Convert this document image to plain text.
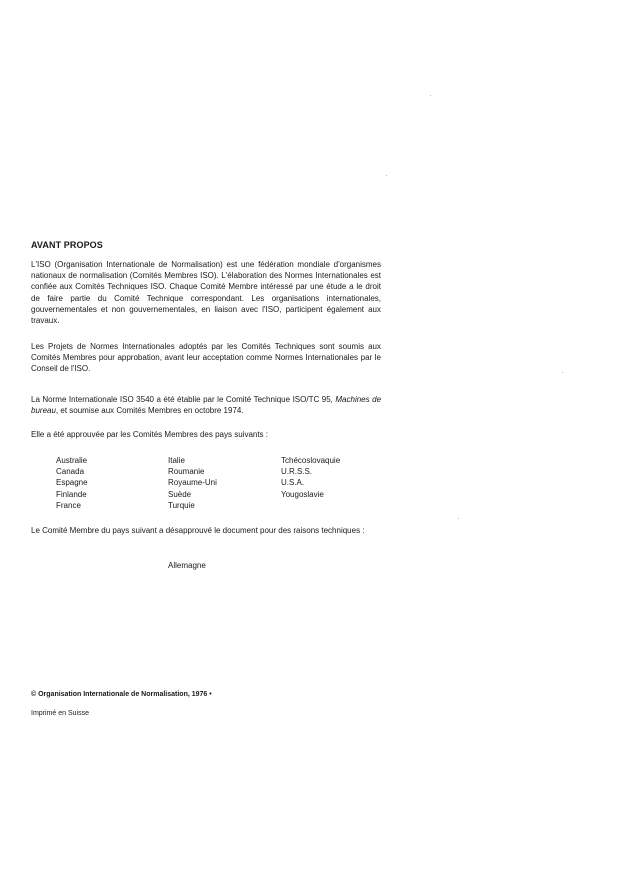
AVANT PROPOS

L'ISO (Organisation Internationale de Normalisation) est une fédération mondiale d'organismes nationaux de normalisation (Comités Membres ISO). L'élaboration des Normes Internationales est confiée aux Comités Techniques ISO. Chaque Comité Membre intéressé par une étude a le droit de faire partie du Comité Technique correspondant. Les organisations internationales, gouvernementales et non gouvernementales, en liaison avec l'ISO, participent également aux travaux.

Les Projets de Normes Internationales adoptés par les Comités Techniques sont soumis aux Comités Membres pour approbation, avant leur acceptation comme Normes Internationales par le Conseil de l'ISO.

La Norme Internationale ISO 3540 a été établie par le Comité Technique ISO/TC 95, Machines de bureau, et soumise aux Comités Membres en octobre 1974.

Elle a été approuvée par les Comités Membres des pays suivants :

Australie
Canada
Espagne
Finlande
France
Italie
Roumanie
Royaume-Uni
Suède
Turquie
Tchécoslovaquie
U.R.S.S.
U.S.A.
Yougoslavie

Le Comité Membre du pays suivant a désapprouvé le document pour des raisons techniques :

Allemagne
© Organisation Internationale de Normalisation, 1976 •
Imprimé en Suisse
